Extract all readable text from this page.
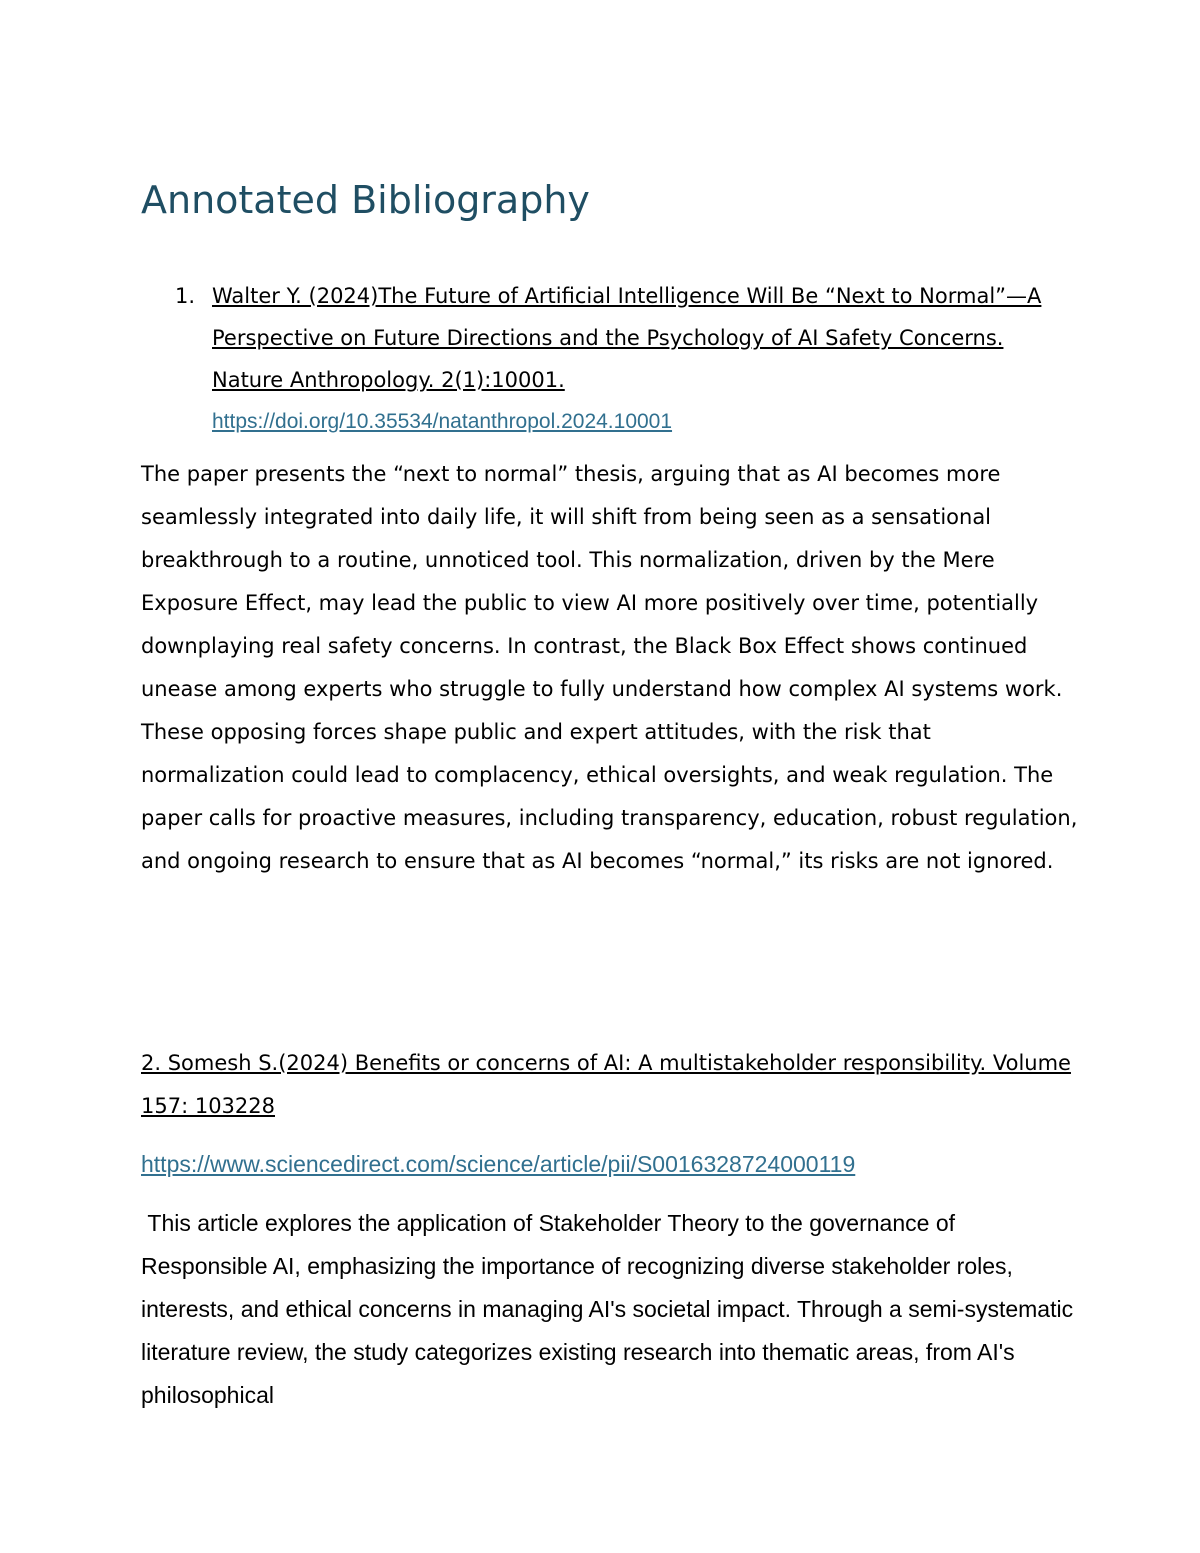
Annotated Bibliography
1. Walter Y. (2024)The Future of Artificial Intelligence Will Be “Next to Normal”—A Perspective on Future Directions and the Psychology of AI Safety Concerns. Nature Anthropology. 2(1):10001.
https://doi.org/10.35534/natanthropol.2024.10001

The paper presents the “next to normal” thesis, arguing that as AI becomes more seamlessly integrated into daily life, it will shift from being seen as a sensational breakthrough to a routine, unnoticed tool. This normalization, driven by the Mere Exposure Effect, may lead the public to view AI more positively over time, potentially downplaying real safety concerns. In contrast, the Black Box Effect shows continued unease among experts who struggle to fully understand how complex AI systems work. These opposing forces shape public and expert attitudes, with the risk that normalization could lead to complacency, ethical oversights, and weak regulation. The paper calls for proactive measures, including transparency, education, robust regulation, and ongoing research to ensure that as AI becomes “normal,” its risks are not ignored.

2. Somesh S.(2024) Benefits or concerns of AI: A multistakeholder responsibility. Volume 157: 103228

https://www.sciencedirect.com/science/article/pii/S0016328724000119

This article explores the application of Stakeholder Theory to the governance of Responsible AI, emphasizing the importance of recognizing diverse stakeholder roles, interests, and ethical concerns in managing AI's societal impact. Through a semi-systematic literature review, the study categorizes existing research into thematic areas, from AI's philosophical
